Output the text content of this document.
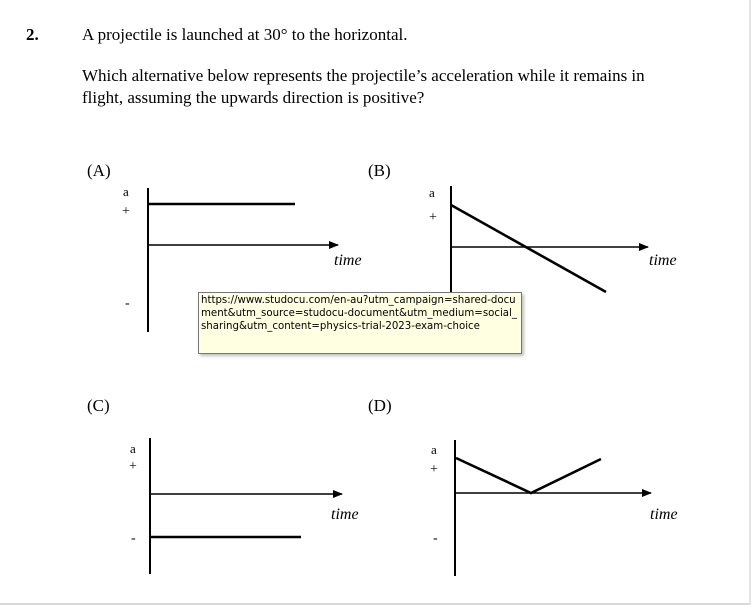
2.	A projectile is launched at 30° to the horizontal.
Which alternative below represents the projectile’s acceleration while it remains in
flight, assuming the upwards direction is positive?
(A)	(B)
(C)	(D)
a
+
-
time
a
+
time
a
+
-
time
a
+
-
time
https://www.studocu.com/en-au?utm_campaign=shared-document&utm_source=studocu-document&utm_medium=social_sharing&utm_content=physics-trial-2023-exam-choice
